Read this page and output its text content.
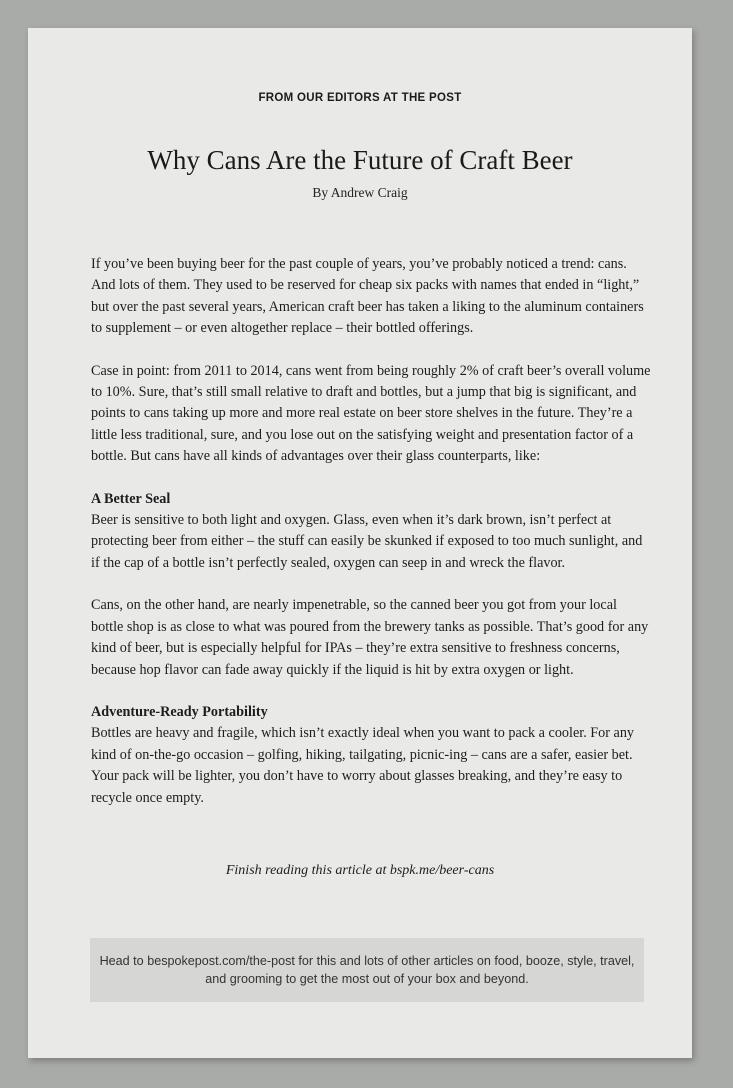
FROM OUR EDITORS AT THE POST
Why Cans Are the Future of Craft Beer
By Andrew Craig

If you’ve been buying beer for the past couple of years, you’ve probably noticed a trend: cans. And lots of them. They used to be reserved for cheap six packs with names that ended in “light,” but over the past several years, American craft beer has taken a liking to the aluminum containers to supplement – or even altogether replace – their bottled offerings.

Case in point: from 2011 to 2014, cans went from being roughly 2% of craft beer’s overall volume to 10%. Sure, that’s still small relative to draft and bottles, but a jump that big is significant, and points to cans taking up more and more real estate on beer store shelves in the future. They’re a little less traditional, sure, and you lose out on the satisfying weight and presentation factor of a bottle. But cans have all kinds of advantages over their glass counterparts, like:

A Better Seal

Beer is sensitive to both light and oxygen. Glass, even when it’s dark brown, isn’t perfect at protecting beer from either – the stuff can easily be skunked if exposed to too much sunlight, and if the cap of a bottle isn’t perfectly sealed, oxygen can seep in and wreck the flavor.

Cans, on the other hand, are nearly impenetrable, so the canned beer you got from your local bottle shop is as close to what was poured from the brewery tanks as possible. That’s good for any kind of beer, but is especially helpful for IPAs – they’re extra sensitive to freshness concerns, because hop flavor can fade away quickly if the liquid is hit by extra oxygen or light.

Adventure-Ready Portability

Bottles are heavy and fragile, which isn’t exactly ideal when you want to pack a cooler. For any kind of on-the-go occasion – golfing, hiking, tailgating, picnic-ing – cans are a safer, easier bet. Your pack will be lighter, you don’t have to worry about glasses breaking, and they’re easy to recycle once empty.

Finish reading this article at bspk.me/beer-cans
Head to bespokepost.com/the-post for this and lots of other articles on food, booze, style, travel, and grooming to get the most out of your box and beyond.
